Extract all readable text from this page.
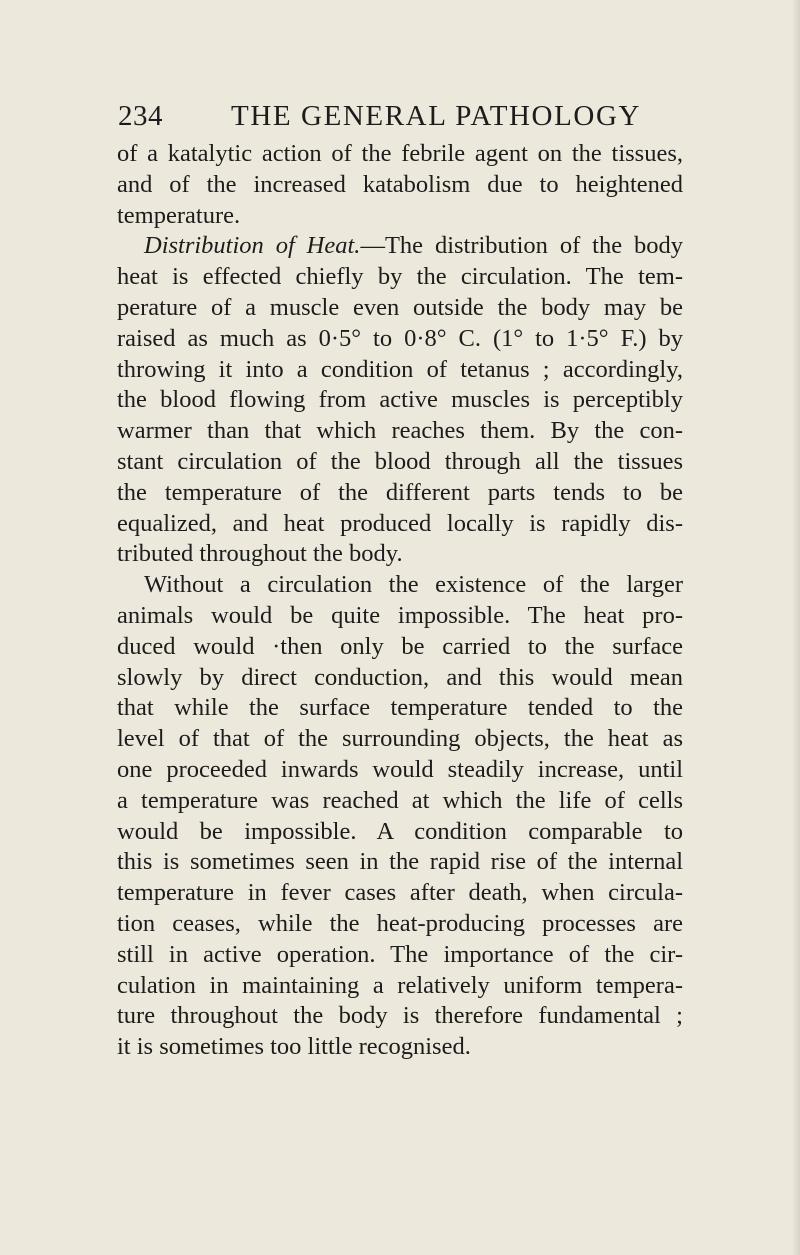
234 THE GENERAL PATHOLOGY
of a katalytic action of the febrile agent on the tissues,
and of the increased katabolism due to heightened
temperature.
Distribution of Heat.—The distribution of the body
heat is effected chiefly by the circulation. The tem-
perature of a muscle even outside the body may be
raised as much as 0·5° to 0·8° C. (1° to 1·5° F.) by
throwing it into a condition of tetanus ; accordingly,
the blood flowing from active muscles is perceptibly
warmer than that which reaches them. By the con-
stant circulation of the blood through all the tissues
the temperature of the different parts tends to be
equalized, and heat produced locally is rapidly dis-
tributed throughout the body.
Without a circulation the existence of the larger
animals would be quite impossible. The heat pro-
duced would ·then only be carried to the surface
slowly by direct conduction, and this would mean
that while the surface temperature tended to the
level of that of the surrounding objects, the heat as
one proceeded inwards would steadily increase, until
a temperature was reached at which the life of cells
would be impossible. A condition comparable to
this is sometimes seen in the rapid rise of the internal
temperature in fever cases after death, when circula-
tion ceases, while the heat-producing processes are
still in active operation. The importance of the cir-
culation in maintaining a relatively uniform tempera-
ture throughout the body is therefore fundamental ;
it is sometimes too little recognised.
